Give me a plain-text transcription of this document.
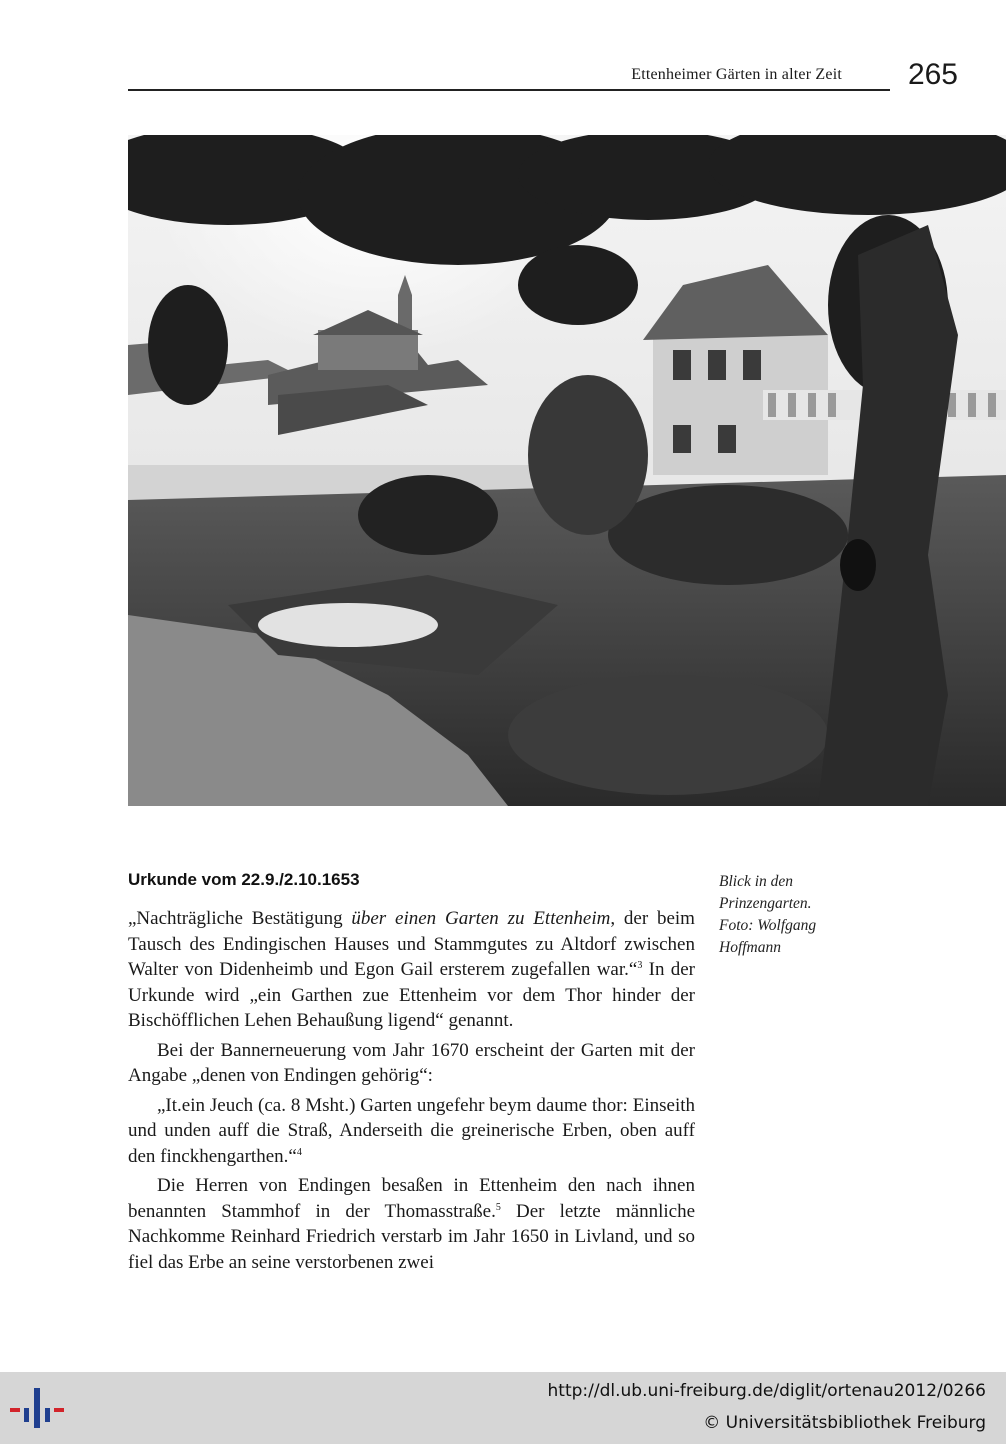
Ettenheimer Gärten in alter Zeit 265
Blick in den
Prinzengarten.
Foto: Wolfgang
Hoffmann
Urkunde vom 22.9./2.10.1653

„Nachträgliche Bestätigung über einen Garten zu Ettenheim, der beim Tausch des Endingischen Hauses und Stammgutes zu Altdorf zwischen Walter von Didenheimb und Egon Gail ersterem zugefallen war.“$^3$ In der Urkunde wird „ein Garthen zue Ettenheim vor dem Thor hinder der Bischöfflichen Lehen Behaußung ligend“ genannt.

Bei der Bannerneuerung vom Jahr 1670 erscheint der Garten mit der Angabe „denen von Endingen gehörig“:

„It.ein Jeuch (ca. 8 Msht.) Garten ungefehr beym daume thor: Einseith und unden auff die Straß, Anderseith die greinerische Erben, oben auff den finckhengarthen.“$^4$

Die Herren von Endingen besaßen in Ettenheim den nach ihnen benannten Stammhof in der Thomasstraße.$^5$ Der letzte männliche Nachkomme Reinhard Friedrich verstarb im Jahr 1650 in Livland, und so fiel das Erbe an seine verstorbenen zwei

http://dl.ub.uni-freiburg.de/diglit/ortenau2012/0266
© Universitätsbibliothek Freiburg
